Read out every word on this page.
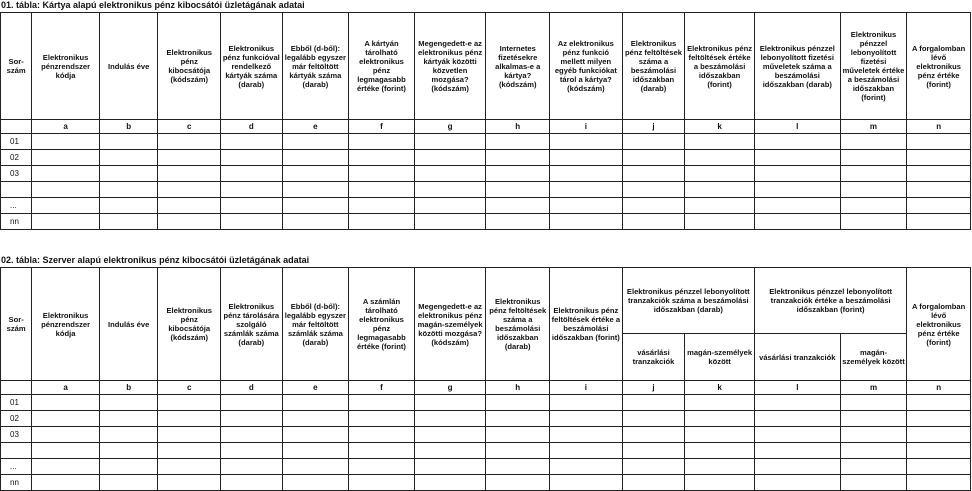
01. tábla: Kártya alapú elektronikus pénz kibocsátói üzletágának adatai
Sor-
szám	Elektronikus pénzrendszer kódja	Indulás éve	Elektronikus pénz kibocsátója (kódszám)	Elektronikus pénz funkcióval rendelkező kártyák száma (darab)	Ebből (d-ből): legalább egyszer már feltöltött kártyák száma (darab)	A kártyán tárolható elektronikus pénz legmagasabb értéke (forint)	Megengedett-e az elektronikus pénz kártyák közötti közvetlen mozgása? (kódszám)	Internetes fizetésekre alkalmas-e a kártya? (kódszám)	Az elektronikus pénz funkció mellett milyen egyéb funkciókat tárol a kártya? (kódszám)	Elektronikus pénz feltöltések száma a beszámolási időszakban (darab)	Elektronikus pénz feltöltések értéke a beszámolási időszakban (forint)	Elektronikus pénzzel lebonyolított fizetési műveletek száma a beszámolási időszakban (darab)	Elektronikus pénzzel lebonyolított fizetési műveletek értéke a beszámolási időszakban (forint)	A forgalomban lévő elektronikus pénz értéke (forint)
	a	b	c	d	e	f	g	h	i	j	k	l	m	n
01														
02														
03														

...														
nn														
02. tábla: Szerver alapú elektronikus pénz kibocsátói üzletágának adatai
Sor-
szám	Elektronikus pénzrendszer kódja	Indulás éve	Elektronikus pénz kibocsátója (kódszám)	Elektronikus pénz tárolására szolgáló számlák száma (darab)	Ebből (d-ből): legalább egyszer már feltöltött számlák száma (darab)	A számlán tárolható elektronikus pénz legmagasabb értéke (forint)	Megengedett-e az elektronikus pénz magán-személyek közötti mozgása? (kódszám)	Elektronikus pénz feltöltések száma a beszámolási időszakban (darab)	Elektronikus pénz feltöltések értéke a beszámolási időszakban (forint)	Elektronikus pénzzel lebonyolított tranzakciók száma a beszámolási időszakban (darab)		Elektronikus pénzzel lebonyolított tranzakciók értéke a beszámolási időszakban (forint)		A forgalomban lévő elektronikus pénz értéke (forint)
										vásárlási tranzakciók	magán-személyek között	vásárlási tranzakciók	magán-személyek között	
	a	b	c	d	e	f	g	h	i	j	k	l	m	n
01														
02														
03														

...														
nn														
